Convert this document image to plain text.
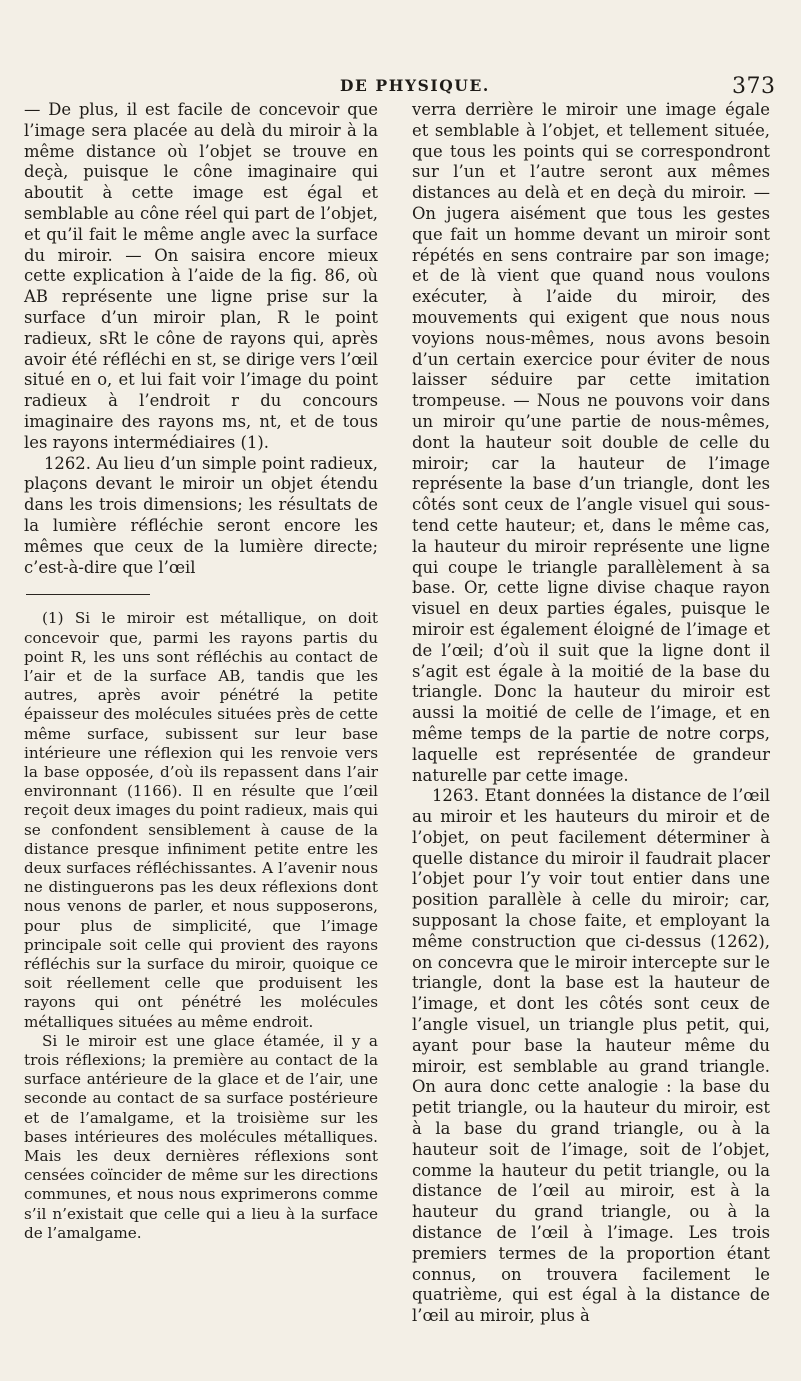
DE PHYSIQUE.	373

— De plus, il est facile de concevoir que l’image sera placée au delà du miroir à la même distance où l’objet se trouve en deçà, puisque le cône imaginaire qui aboutit à cette image est égal et semblable au cône réel qui part de l’objet, et qu’il fait le même angle avec la surface du miroir. — On saisira encore mieux cette explication à l’aide de la fig. 86, où AB représente une ligne prise sur la surface d’un miroir plan, R le point radieux, sRt le cône de rayons qui, après avoir été réfléchi en st, se dirige vers l’œil situé en o, et lui fait voir l’image du point radieux à l’endroit r du concours imaginaire des rayons ms, nt, et de tous les rayons intermédiaires (1).

1262. Au lieu d’un simple point radieux, plaçons devant le miroir un objet étendu dans les trois dimensions; les résultats de la lumière réfléchie seront encore les mêmes que ceux de la lumière directe; c’est-à-dire que l’œil

(1) Si le miroir est métallique, on doit concevoir que, parmi les rayons partis du point R, les uns sont réfléchis au contact de l’air et de la surface AB, tandis que les autres, après avoir pénétré la petite épaisseur des molécules situées près de cette même surface, subissent sur leur base intérieure une réflexion qui les renvoie vers la base opposée, d’où ils repassent dans l’air environnant (1166). Il en résulte que l’œil reçoit deux images du point radieux, mais qui se confondent sensiblement à cause de la distance presque infiniment petite entre les deux surfaces réfléchissantes. A l’avenir nous ne distinguerons pas les deux réflexions dont nous venons de parler, et nous supposerons, pour plus de simplicité, que l’image principale soit celle qui provient des rayons réfléchis sur la surface du miroir, quoique ce soit réellement celle que produisent les rayons qui ont pénétré les molécules métalliques situées au même endroit.

Si le miroir est une glace étamée, il y a trois réflexions; la première au contact de la surface antérieure de la glace et de l’air, une seconde au contact de sa surface postérieure et de l’amalgame, et la troisième sur les bases intérieures des molécules métalliques. Mais les deux dernières réflexions sont censées coïncider de même sur les directions communes, et nous nous exprimerons comme s’il n’existait que celle qui a lieu à la surface de l’amalgame.

verra derrière le miroir une image égale et semblable à l’objet, et tellement située, que tous les points qui se correspondront sur l’un et l’autre seront aux mêmes distances au delà et en deçà du miroir. — On jugera aisément que tous les gestes que fait un homme devant un miroir sont répétés en sens contraire par son image; et de là vient que quand nous voulons exécuter, à l’aide du miroir, des mouvements qui exigent que nous nous voyions nous-mêmes, nous avons besoin d’un certain exercice pour éviter de nous laisser séduire par cette imitation trompeuse. — Nous ne pouvons voir dans un miroir qu’une partie de nous-mêmes, dont la hauteur soit double de celle du miroir; car la hauteur de l’image représente la base d’un triangle, dont les côtés sont ceux de l’angle visuel qui sous-tend cette hauteur; et, dans le même cas, la hauteur du miroir représente une ligne qui coupe le triangle parallèlement à sa base. Or, cette ligne divise chaque rayon visuel en deux parties égales, puisque le miroir est également éloigné de l’image et de l’œil; d’où il suit que la ligne dont il s’agit est égale à la moitié de la base du triangle. Donc la hauteur du miroir est aussi la moitié de celle de l’image, et en même temps de la partie de notre corps, laquelle est représentée de grandeur naturelle par cette image.

1263. Etant données la distance de l’œil au miroir et les hauteurs du miroir et de l’objet, on peut facilement déterminer à quelle distance du miroir il faudrait placer l’objet pour l’y voir tout entier dans une position parallèle à celle du miroir; car, supposant la chose faite, et employant la même construction que ci-dessus (1262), on concevra que le miroir intercepte sur le triangle, dont la base est la hauteur de l’image, et dont les côtés sont ceux de l’angle visuel, un triangle plus petit, qui, ayant pour base la hauteur même du miroir, est semblable au grand triangle. On aura donc cette analogie : la base du petit triangle, ou la hauteur du miroir, est à la base du grand triangle, ou à la hauteur soit de l’image, soit de l’objet, comme la hauteur du petit triangle, ou la distance de l’œil au miroir, est à la hauteur du grand triangle, ou à la distance de l’œil à l’image. Les trois premiers termes de la proportion étant connus, on trouvera facilement le quatrième, qui est égal à la distance de l’œil au miroir, plus à
